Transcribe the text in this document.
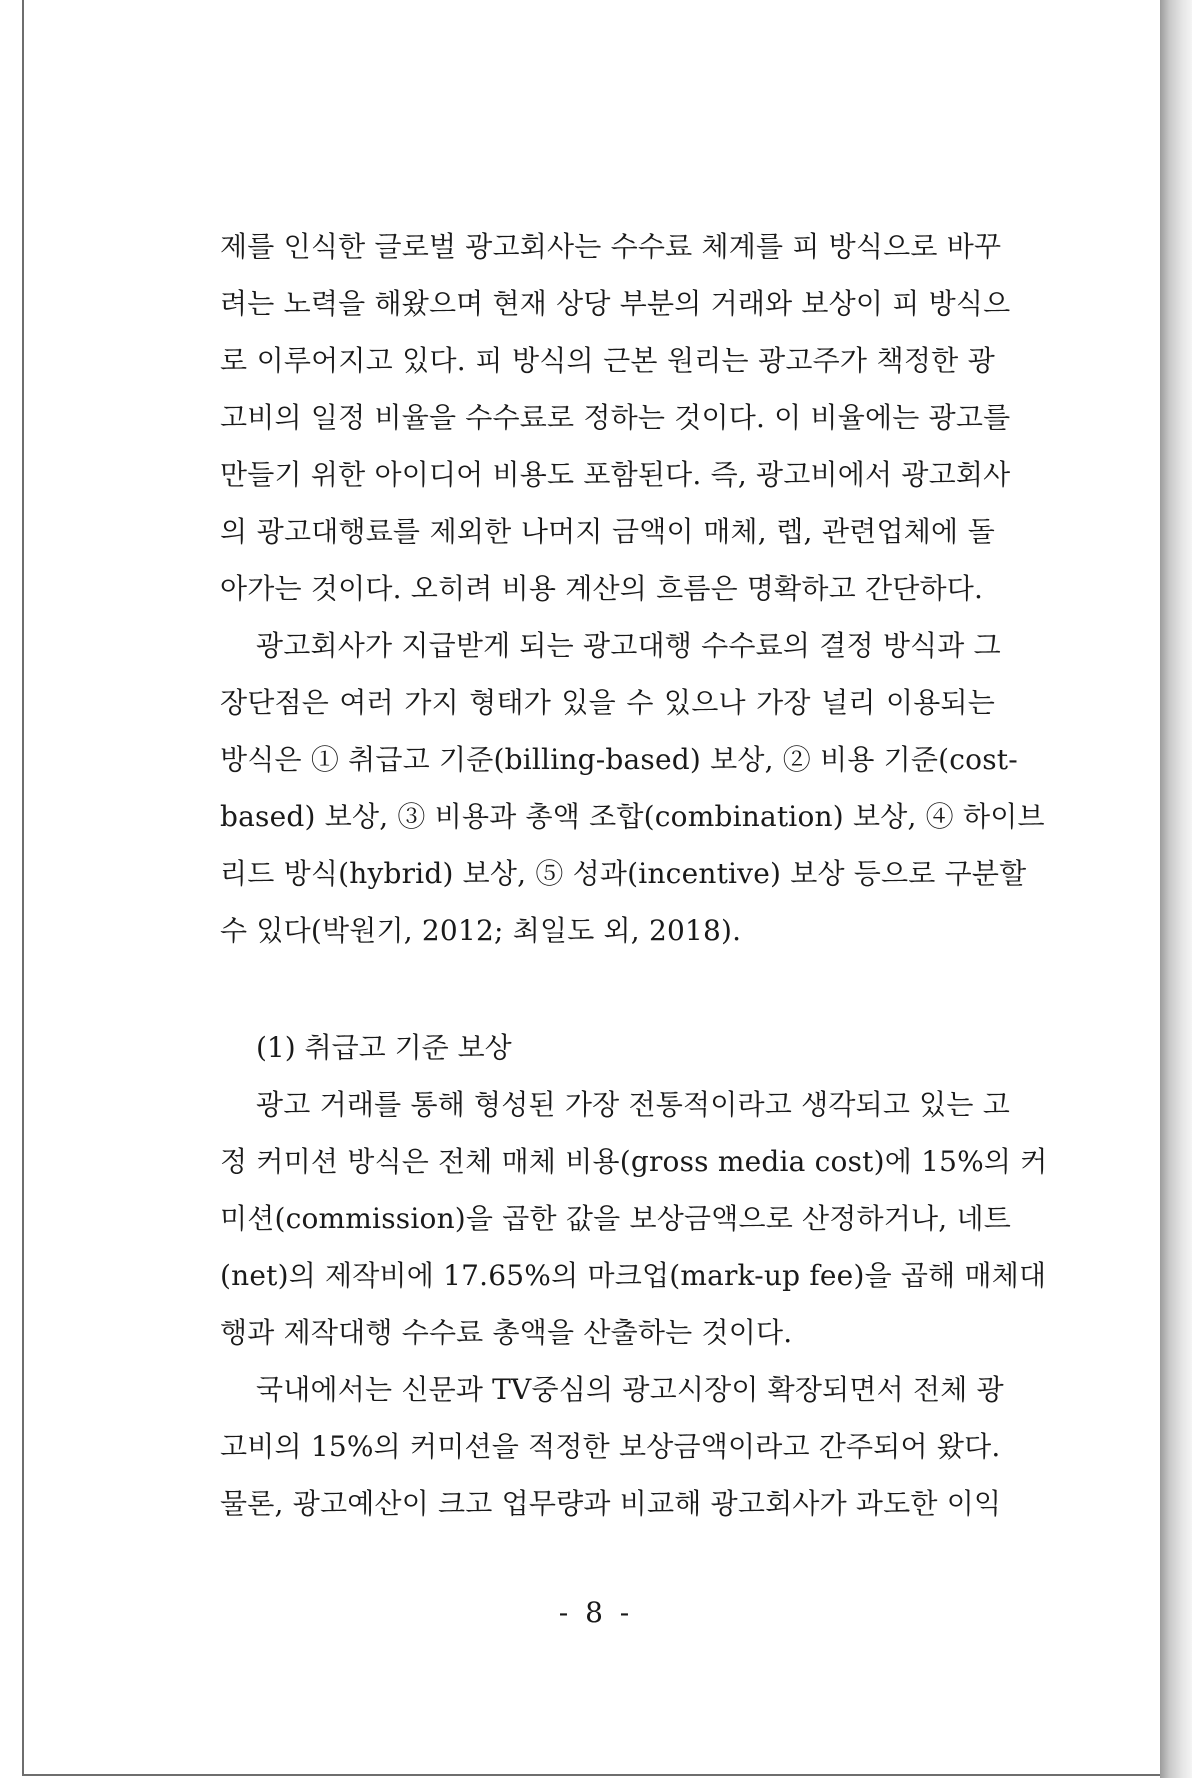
제를 인식한 글로벌 광고회사는 수수료 체계를 피 방식으로 바꾸
려는 노력을 해왔으며 현재 상당 부분의 거래와 보상이 피 방식으
로 이루어지고 있다. 피 방식의 근본 원리는 광고주가 책정한 광
고비의 일정 비율을 수수료로 정하는 것이다. 이 비율에는 광고를
만들기 위한 아이디어 비용도 포함된다. 즉, 광고비에서 광고회사
의 광고대행료를 제외한 나머지 금액이 매체, 렙, 관련업체에 돌
아가는 것이다. 오히려 비용 계산의 흐름은 명확하고 간단하다.
광고회사가 지급받게 되는 광고대행 수수료의 결정 방식과 그
장단점은 여러 가지 형태가 있을 수 있으나 가장 널리 이용되는
방식은 ① 취급고 기준(billing-based) 보상, ② 비용 기준(cost-
based) 보상, ③ 비용과 총액 조합(combination) 보상, ④ 하이브
리드 방식(hybrid) 보상, ⑤ 성과(incentive) 보상 등으로 구분할
수 있다(박원기, 2012; 최일도 외, 2018).
(1) 취급고 기준 보상
광고 거래를 통해 형성된 가장 전통적이라고 생각되고 있는 고
정 커미션 방식은 전체 매체 비용(gross media cost)에 15%의 커
미션(commission)을 곱한 값을 보상금액으로 산정하거나, 네트
(net)의 제작비에 17.65%의 마크업(mark-up fee)을 곱해 매체대
행과 제작대행 수수료 총액을 산출하는 것이다.
국내에서는 신문과 TV중심의 광고시장이 확장되면서 전체 광
고비의 15%의 커미션을 적정한 보상금액이라고 간주되어 왔다.
물론, 광고예산이 크고 업무량과 비교해 광고회사가 과도한 이익
- 8 -
